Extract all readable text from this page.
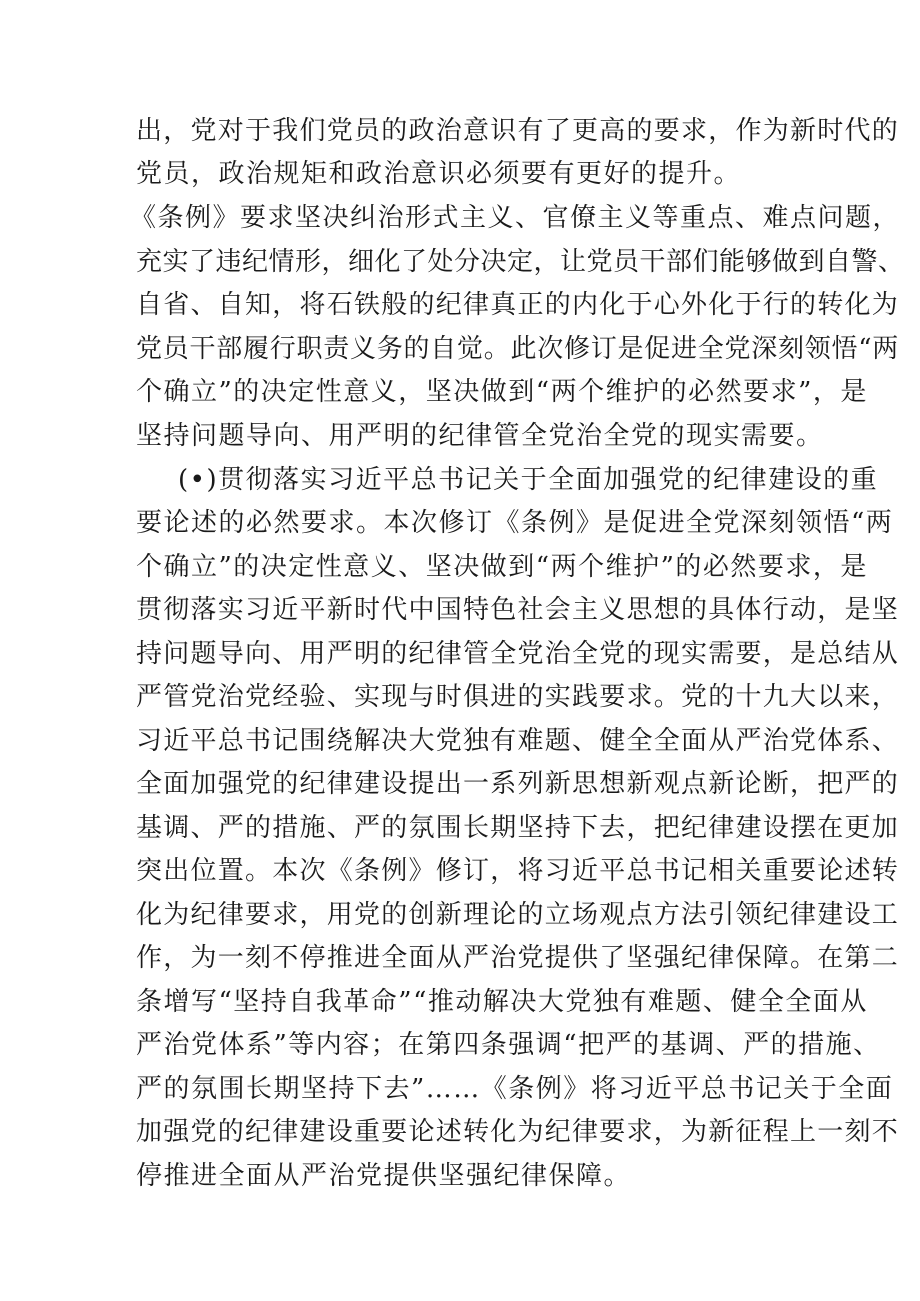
出，党对于我们党员的政治意识有了更高的要求，作为新时代的

党员，政治规矩和政治意识必须要有更好的提升。

《条例》要求坚决纠治形式主义、官僚主义等重点、难点问题，

充实了违纪情形，细化了处分决定，让党员干部们能够做到自警、

自省、自知，将石铁般的纪律真正的内化于心外化于行的转化为

党员干部履行职责义务的自觉。此次修订是促进全党深刻领悟“两

个确立”的决定性意义，坚决做到“两个维护的必然要求”，是

坚持问题导向、用严明的纪律管全党治全党的现实需要。

(•)贯彻落实习近平总书记关于全面加强党的纪律建设的重

要论述的必然要求。本次修订《条例》是促进全党深刻领悟“两

个确立”的决定性意义、坚决做到“两个维护”的必然要求，是

贯彻落实习近平新时代中国特色社会主义思想的具体行动，是坚

持问题导向、用严明的纪律管全党治全党的现实需要，是总结从

严管党治党经验、实现与时俱进的实践要求。党的十九大以来，

习近平总书记围绕解决大党独有难题、健全全面从严治党体系、

全面加强党的纪律建设提出一系列新思想新观点新论断，把严的

基调、严的措施、严的氛围长期坚持下去，把纪律建设摆在更加

突出位置。本次《条例》修订，将习近平总书记相关重要论述转

化为纪律要求，用党的创新理论的立场观点方法引领纪律建设工

作，为一刻不停推进全面从严治党提供了坚强纪律保障。在第二

条增写“坚持自我革命”“推动解决大党独有难题、健全全面从

严治党体系”等内容；在第四条强调“把严的基调、严的措施、

严的氛围长期坚持下去”……《条例》将习近平总书记关于全面

加强党的纪律建设重要论述转化为纪律要求，为新征程上一刻不

停推进全面从严治党提供坚强纪律保障。
